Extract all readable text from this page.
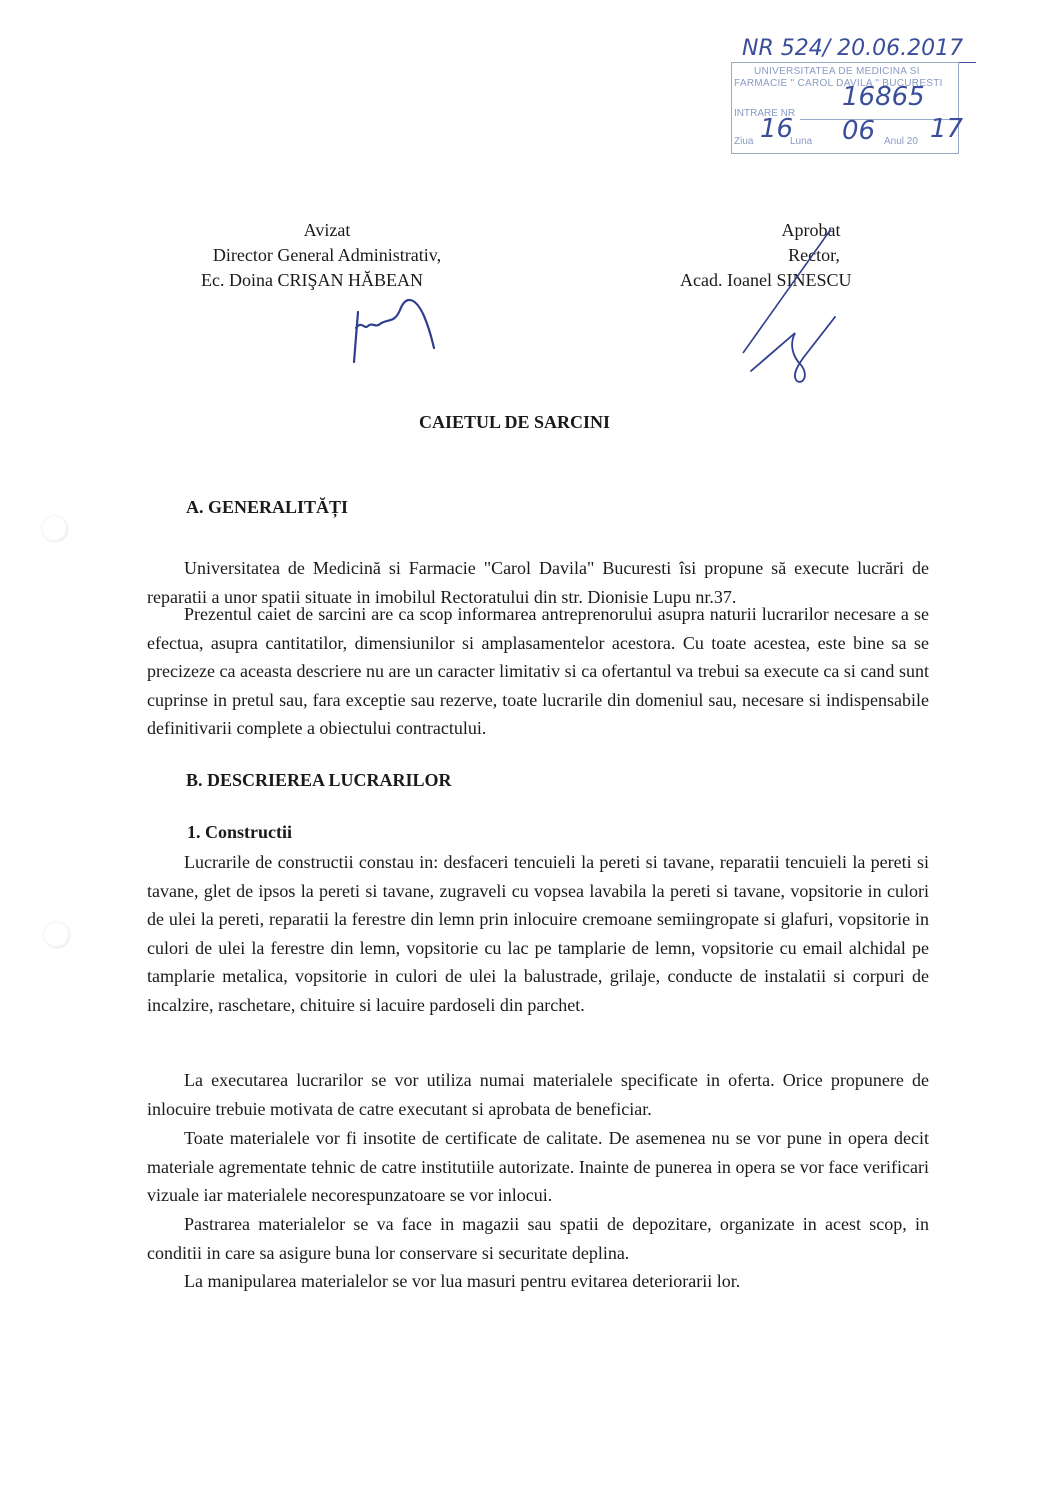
NR 524/ 20.06.2017
UNIVERSITATEA DE MEDICINA SI
FARMACIE " CAROL DAVILA " BUCURESTI
INTRARE NR
16865
Ziua 16
Luna 06 Anul 20 17
Avizat
Director General Administrativ,
Ec. Doina CRIŞAN HĂBEAN
Aprobat
Rector,
Acad. Ioanel SINESCU
CAIETUL DE SARCINI
A. GENERALITĂȚI
Universitatea de Medicină si Farmacie "Carol Davila" Bucuresti îsi propune să execute lucrări de reparatii a unor spatii situate in imobilul Rectoratului din str. Dionisie Lupu nr.37.
Prezentul caiet de sarcini are ca scop informarea antreprenorului asupra naturii lucrarilor necesare a se efectua, asupra cantitatilor, dimensiunilor si amplasamentelor acestora. Cu toate acestea, este bine sa se precizeze ca aceasta descriere nu are un caracter limitativ si ca ofertantul va trebui sa execute ca si cand sunt cuprinse in pretul sau, fara exceptie sau rezerve, toate lucrarile din domeniul sau, necesare si indispensabile definitivarii complete a obiectului contractului.
B. DESCRIEREA LUCRARILOR
1. Constructii
Lucrarile de constructii constau in: desfaceri tencuieli la pereti si tavane, reparatii tencuieli la pereti si tavane, glet de ipsos la pereti si tavane, zugraveli cu vopsea lavabila la pereti si tavane, vopsitorie in culori de ulei la pereti, reparatii la ferestre din lemn prin inlocuire cremoane semiingropate si glafuri, vopsitorie in culori de ulei la ferestre din lemn, vopsitorie cu lac pe tamplarie de lemn, vopsitorie cu email alchidal pe tamplarie metalica, vopsitorie in culori de ulei la balustrade, grilaje, conducte de instalatii si corpuri de incalzire, raschetare, chituire si lacuire pardoseli din parchet.
La executarea lucrarilor se vor utiliza numai materialele specificate in oferta. Orice propunere de inlocuire trebuie motivata de catre executant si aprobata de beneficiar.
Toate materialele vor fi insotite de certificate de calitate. De asemenea nu se vor pune in opera decit materiale agrementate tehnic de catre institutiile autorizate. Inainte de punerea in opera se vor face verificari vizuale iar materialele necorespunzatoare se vor inlocui.
Pastrarea materialelor se va face in magazii sau spatii de depozitare, organizate in acest scop, in conditii in care sa asigure buna lor conservare si securitate deplina.
La manipularea materialelor se vor lua masuri pentru evitarea deteriorarii lor.
